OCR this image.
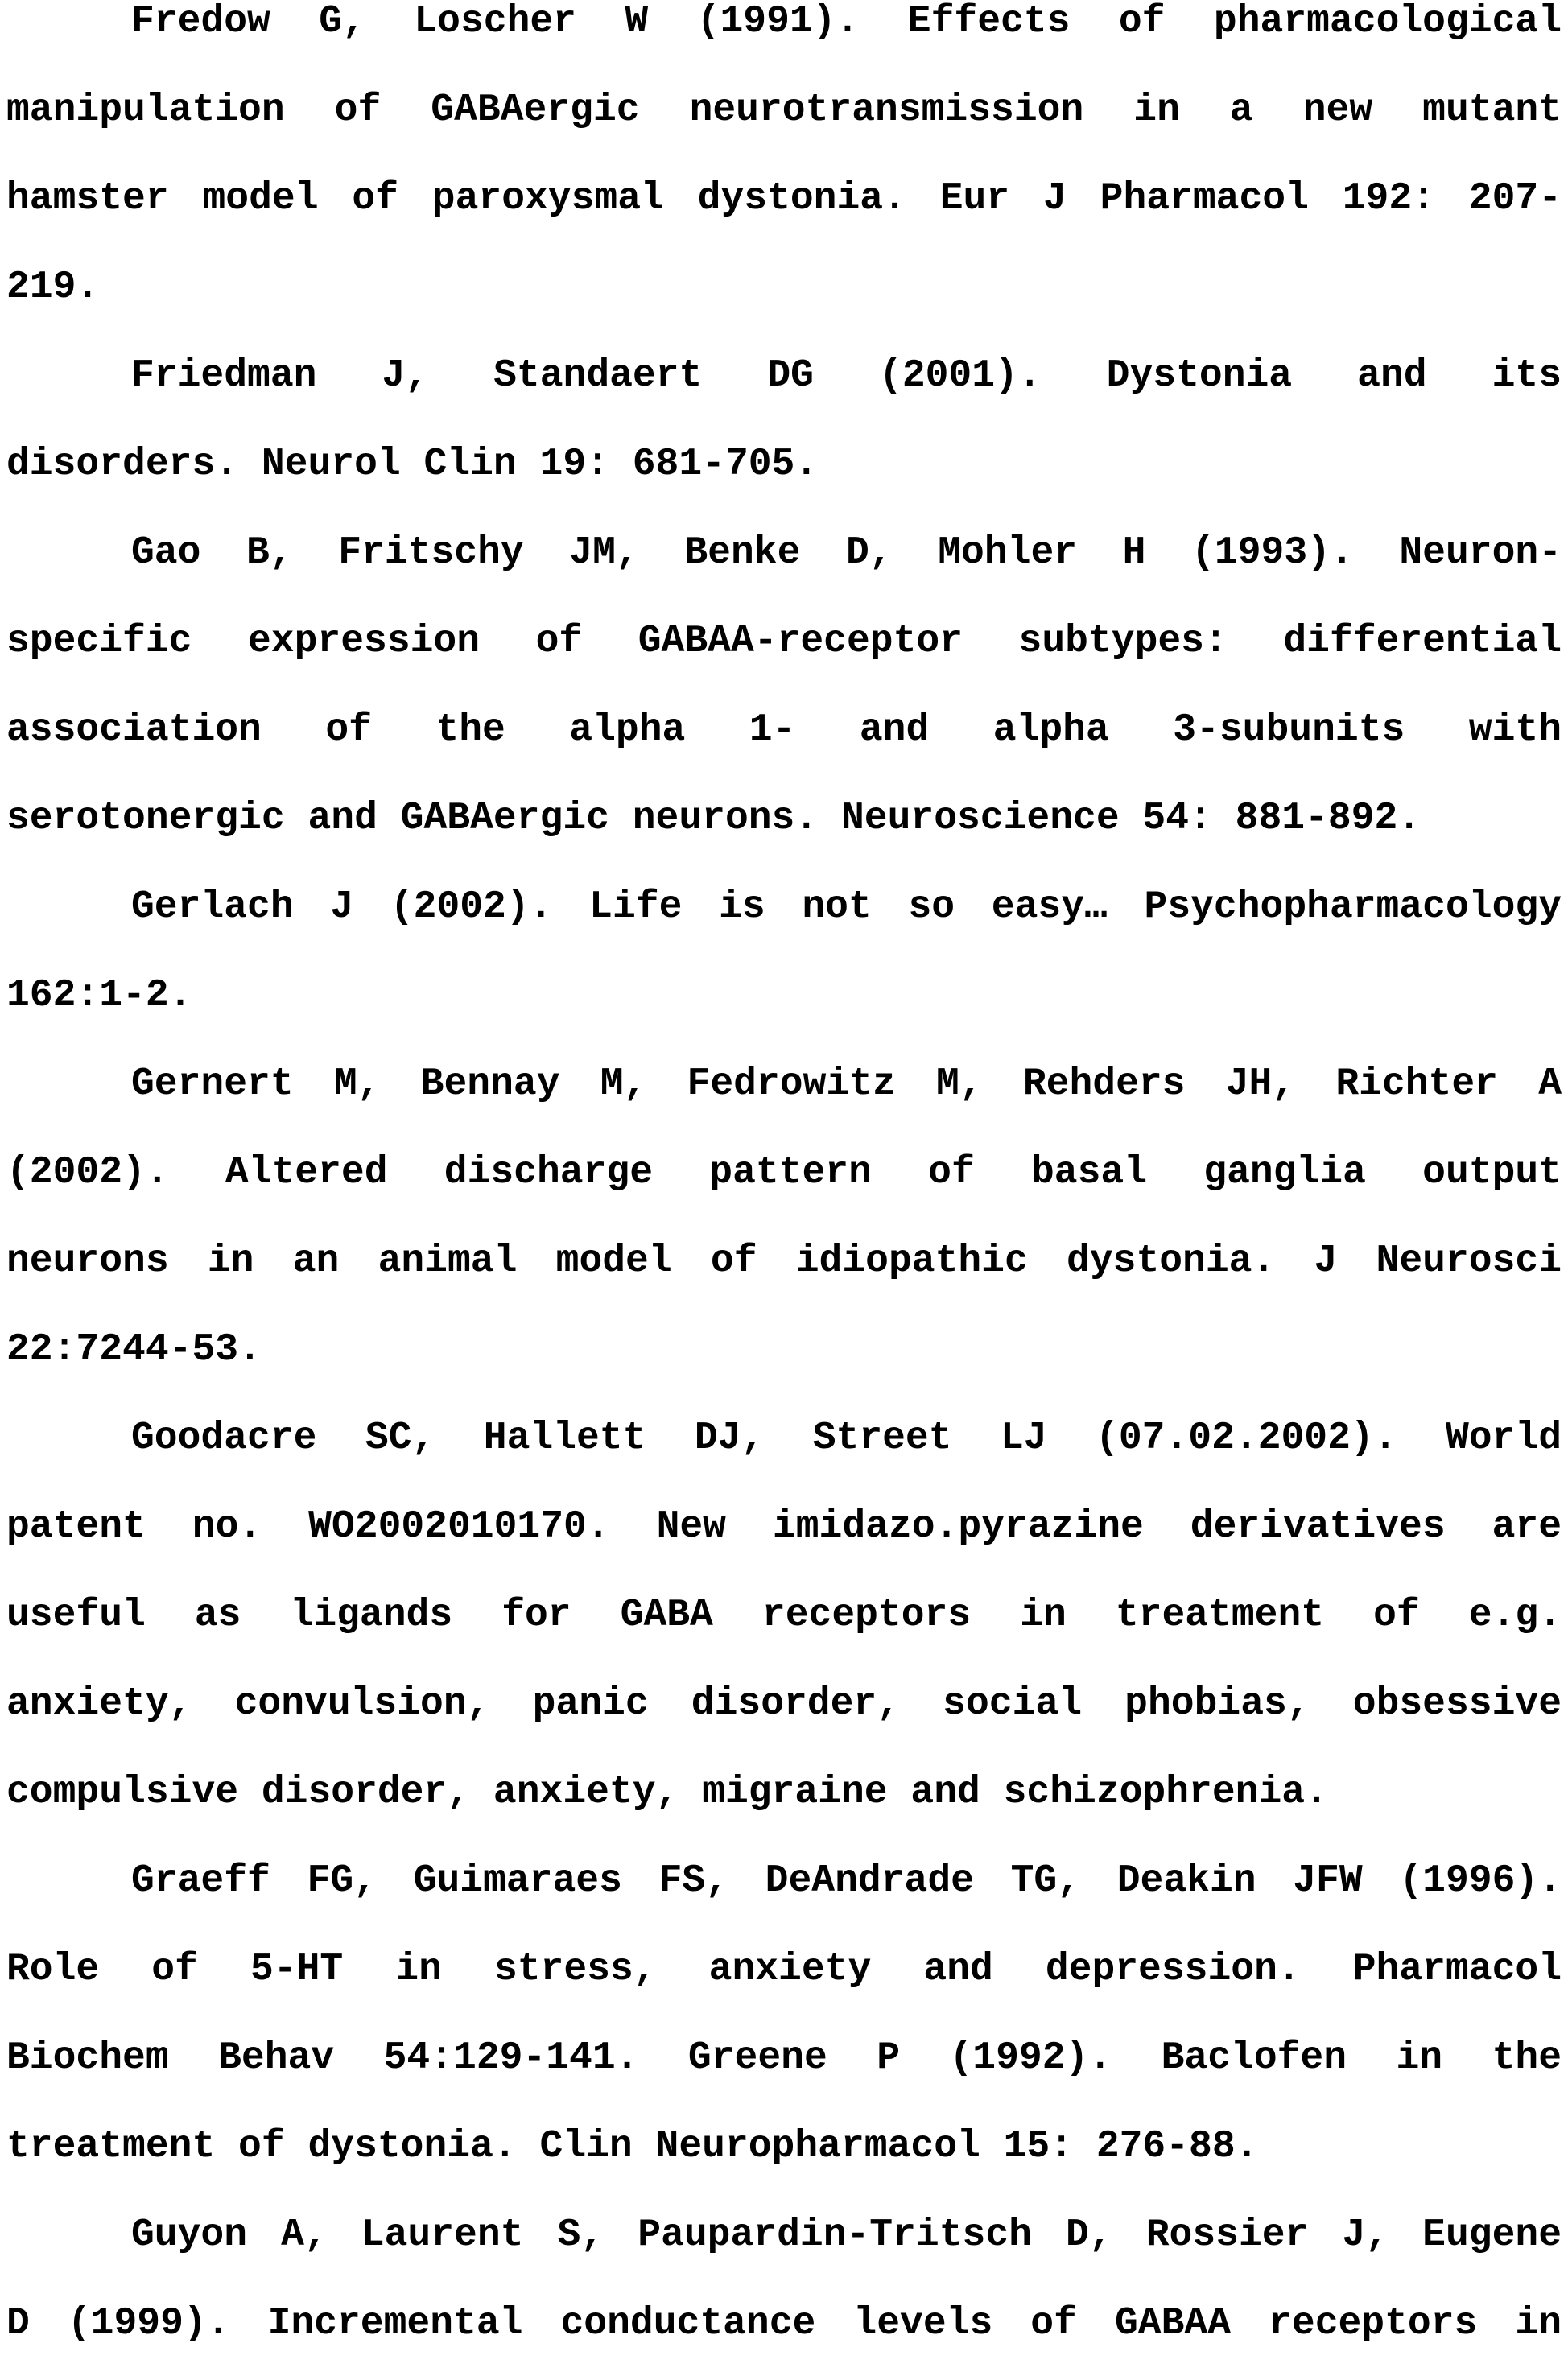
Fredow G, Loscher W (1991). Effects of pharmacological
manipulation of GABAergic neurotransmission in a new mutant
hamster model of paroxysmal dystonia. Eur J Pharmacol 192: 207-
219.
Friedman J, Standaert DG (2001). Dystonia and its
disorders. Neurol Clin 19: 681-705.
Gao B, Fritschy JM, Benke D, Mohler H (1993). Neuron-
specific expression of GABAA-receptor subtypes: differential
association of the alpha 1- and alpha 3-subunits with
serotonergic and GABAergic neurons. Neuroscience 54: 881-892.
Gerlach J (2002). Life is not so easy… Psychopharmacology
162:1-2.
Gernert M, Bennay M, Fedrowitz M, Rehders JH, Richter A
(2002). Altered discharge pattern of basal ganglia output
neurons in an animal model of idiopathic dystonia. J Neurosci
22:7244-53.
Goodacre SC, Hallett DJ, Street LJ (07.02.2002). World
patent no. WO2002010170. New imidazo.pyrazine derivatives are
useful as ligands for GABA receptors in treatment of e.g.
anxiety, convulsion, panic disorder, social phobias, obsessive
compulsive disorder, anxiety, migraine and schizophrenia.
Graeff FG, Guimaraes FS, DeAndrade TG, Deakin JFW (1996).
Role of 5-HT in stress, anxiety and depression. Pharmacol
Biochem Behav 54:129-141. Greene P (1992). Baclofen in the
treatment of dystonia. Clin Neuropharmacol 15: 276-88.
Guyon A, Laurent S, Paupardin-Tritsch D, Rossier J, Eugene
D (1999). Incremental conductance levels of GABAA receptors in
